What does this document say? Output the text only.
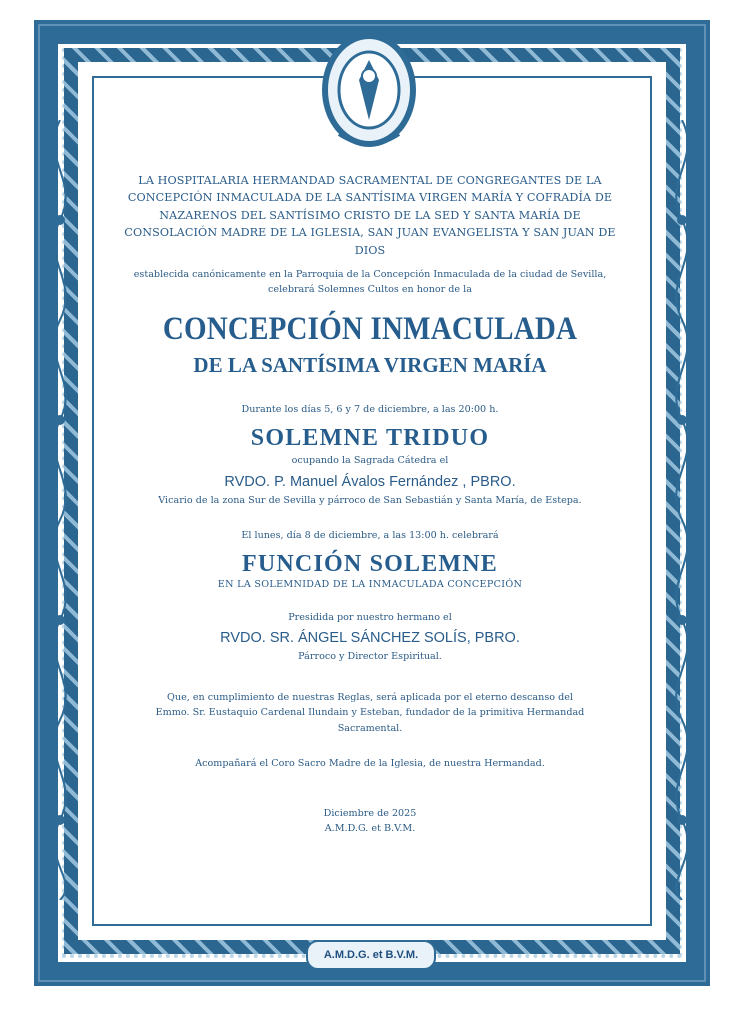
LA HOSPITALARIA HERMANDAD SACRAMENTAL DE CONGREGANTES DE LA CONCEPCIÓN INMACULADA DE LA SANTÍSIMA VIRGEN MARÍA Y COFRADÍA DE NAZARENOS DEL SANTÍSIMO CRISTO DE LA SED Y SANTA MARÍA DE CONSOLACIÓN MADRE DE LA IGLESIA, SAN JUAN EVANGELISTA Y SAN JUAN DE DIOS

establecida canónicamente en la Parroquia de la Concepción Inmaculada de la ciudad de Sevilla,

celebrará Solemnes Cultos en honor de la

CONCEPCIÓN INMACULADA

DE LA SANTÍSIMA VIRGEN MARÍA

Durante los días 5, 6 y 7 de diciembre, a las 20:00 h.

SOLEMNE TRIDUO

ocupando la Sagrada Cátedra el

RVDO. P. Manuel Ávalos Fernández , PBRO.

Vicario de la zona Sur de Sevilla y párroco de San Sebastián y Santa María, de Estepa.

El lunes, día 8 de diciembre, a las 13:00 h. celebrará

FUNCIÓN SOLEMNE

EN LA SOLEMNIDAD DE LA INMACULADA CONCEPCIÓN

Presidida por nuestro hermano el

RVDO. SR. ÁNGEL SÁNCHEZ SOLÍS, PBRO.

Párroco y Director Espiritual.

Que, en cumplimiento de nuestras Reglas, será aplicada por el eterno descanso del

Emmo. Sr. Eustaquio Cardenal Ilundain y Esteban, fundador de la primitiva Hermandad

Sacramental.

Acompañará el Coro Sacro Madre de la Iglesia, de nuestra Hermandad.

Diciembre de 2025

A.M.D.G. et B.V.M.

A.M.D.G. et B.V.M.
